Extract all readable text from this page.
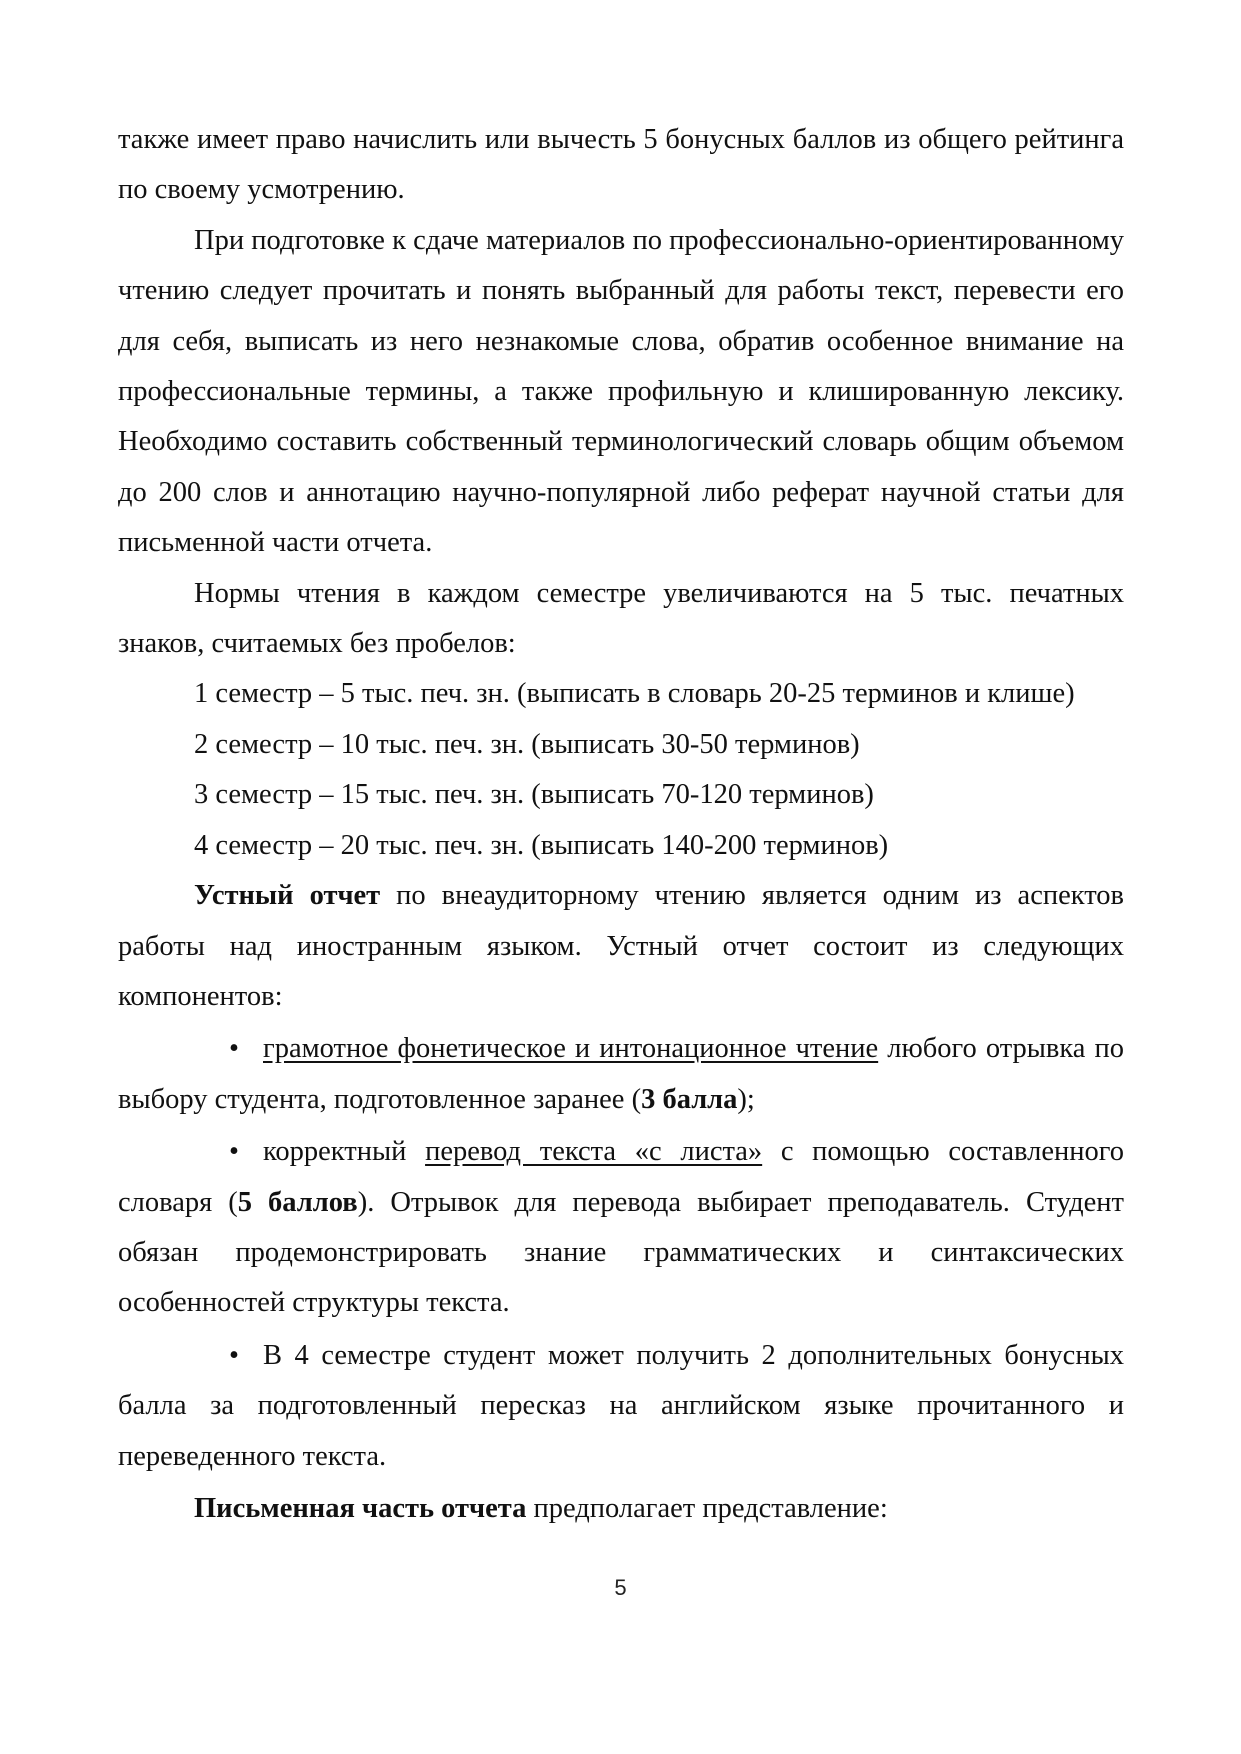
также имеет право начислить или вычесть 5 бонусных баллов из общего рейтинга по своему усмотрению.

При подготовке к сдаче материалов по профессионально-ориентированному чтению следует прочитать и понять выбранный для работы текст, перевести его для себя, выписать из него незнакомые слова, обратив особенное внимание на профессиональные термины, а также профильную и клишированную лексику. Необходимо составить собственный терминологический словарь общим объемом до 200 слов и аннотацию научно-популярной либо реферат научной статьи для письменной части отчета.

Нормы чтения в каждом семестре увеличиваются на 5 тыс. печатных знаков, считаемых без пробелов:

1 семестр – 5 тыс. печ. зн. (выписать в словарь 20-25 терминов и клише)
2 семестр – 10 тыс. печ. зн. (выписать 30-50 терминов)
3 семестр – 15 тыс. печ. зн. (выписать 70-120 терминов)
4 семестр – 20 тыс. печ. зн. (выписать 140-200 терминов)

Устный отчет по внеаудиторному чтению является одним из аспектов работы над иностранным языком. Устный отчет состоит из следующих компонентов:

• грамотное фонетическое и интонационное чтение любого отрывка по выбору студента, подготовленное заранее (3 балла);

• корректный перевод текста «с листа» с помощью составленного словаря (5 баллов). Отрывок для перевода выбирает преподаватель. Студент обязан продемонстрировать знание грамматических и синтаксических особенностей структуры текста.

• В 4 семестре студент может получить 2 дополнительных бонусных балла за подготовленный пересказ на английском языке прочитанного и переведенного текста.

Письменная часть отчета предполагает представление:

5
